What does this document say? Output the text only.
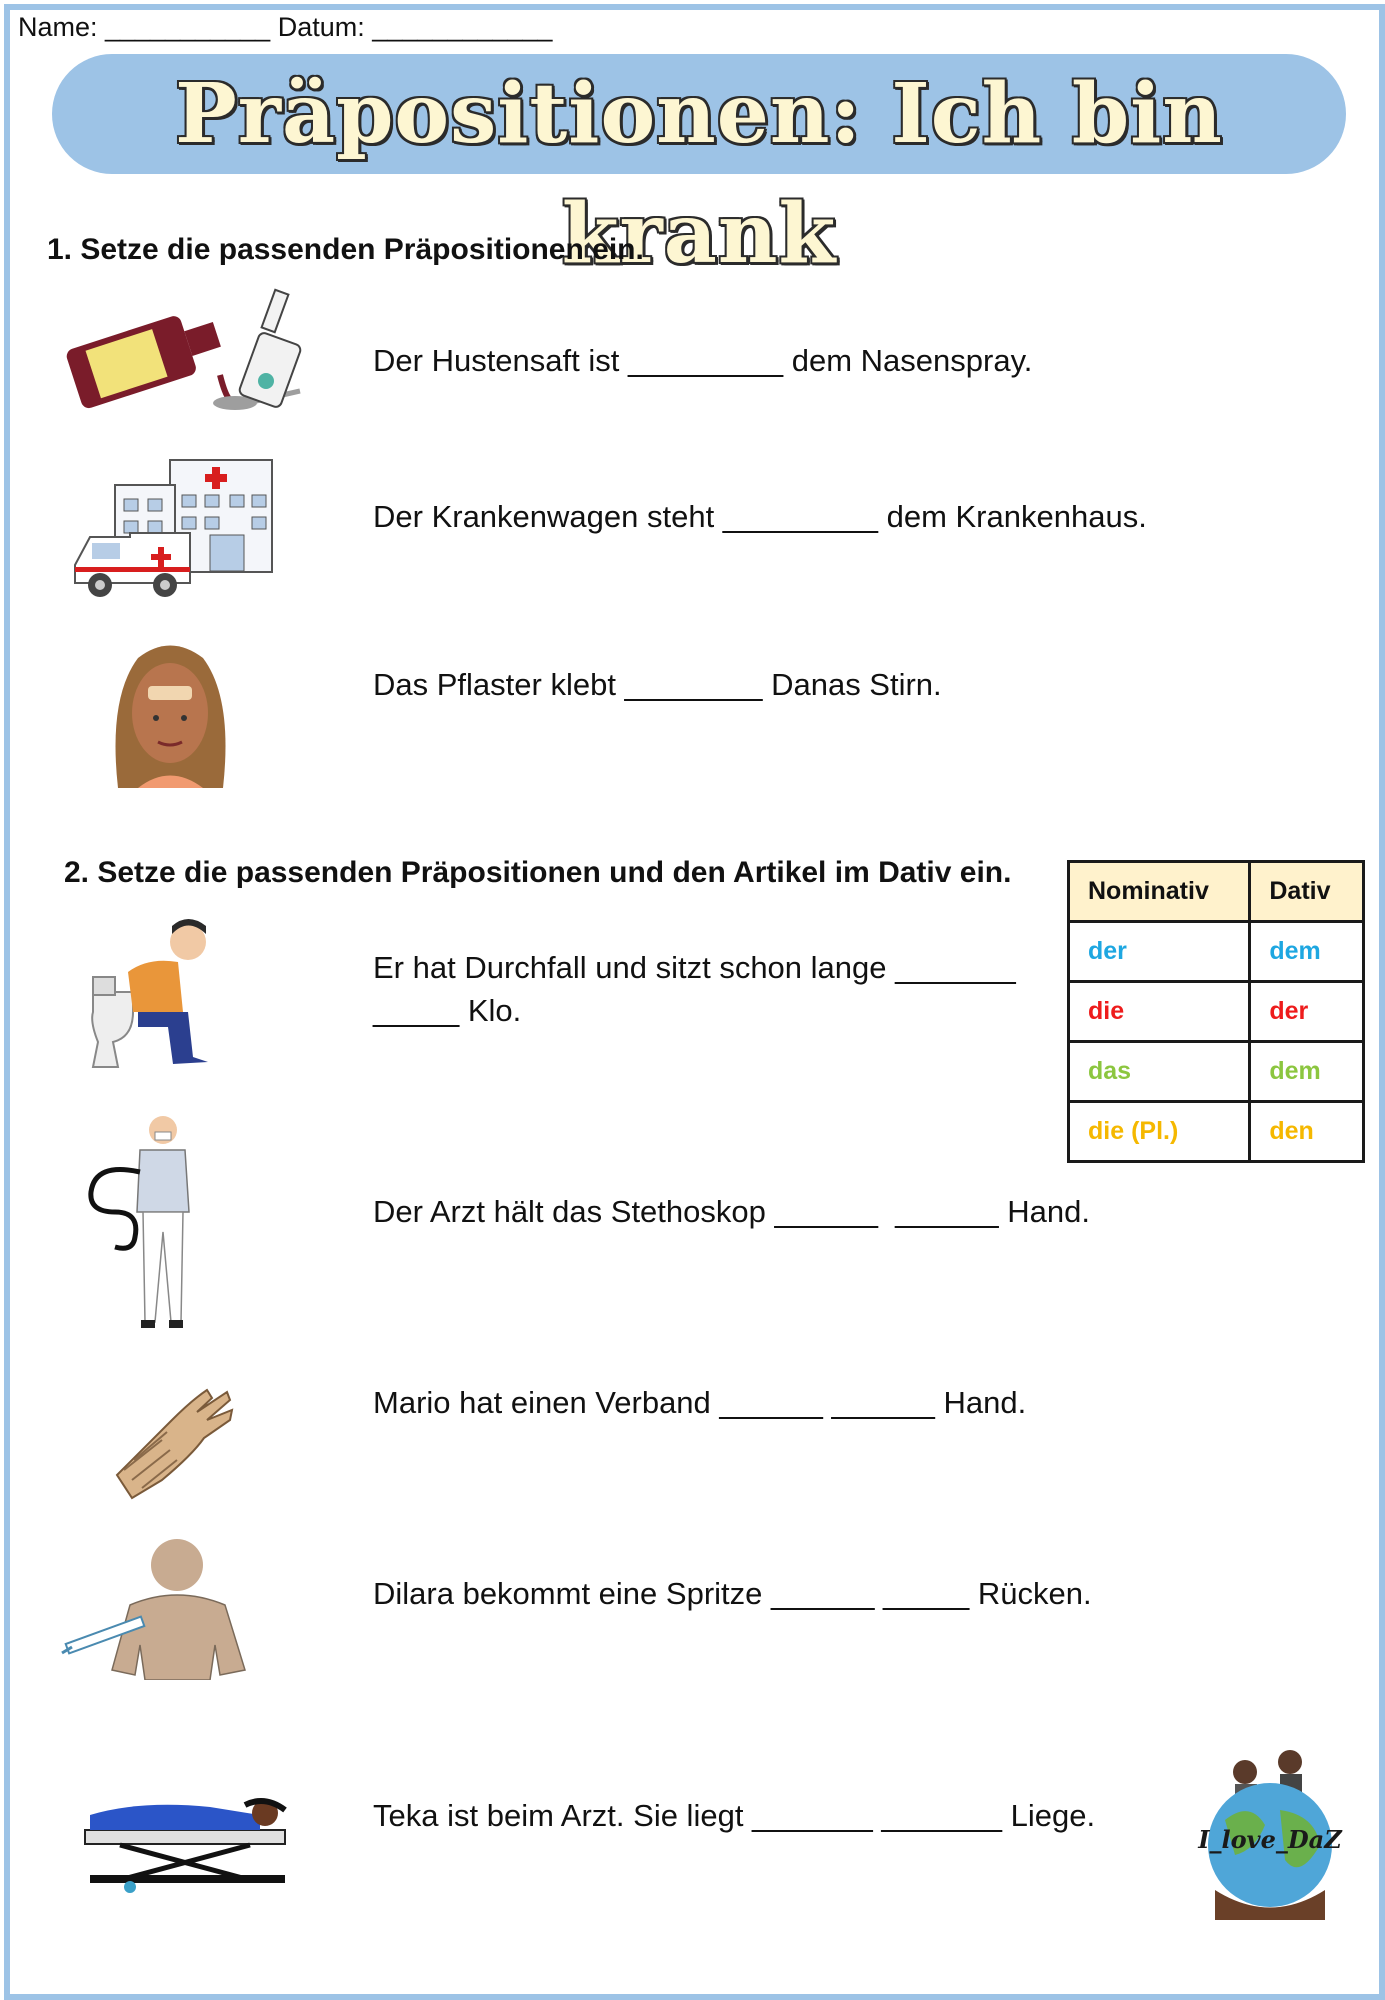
Name: ___________ Datum: ____________
Präpositionen: Ich bin krank
1. Setze die passenden Präpositionen ein.
Der Hustensaft ist _________ dem Nasenspray.
Der Krankenwagen steht _________ dem Krankenhaus.
Das Pflaster klebt ________ Danas Stirn.
2. Setze die passenden Präpositionen und den Artikel im Dativ ein.
Nominativ	Dativ
der	dem
die	der
das	dem
die (Pl.)	den
Er hat Durchfall und sitzt schon lange _______
_____ Klo.
Der Arzt hält das Stethoskop ______  ______ Hand.
Mario hat einen Verband ______ ______ Hand.
Dilara bekommt eine Spritze ______ _____ Rücken.
Teka ist beim Arzt. Sie liegt _______ _______ Liege.
I_love_DaZ
